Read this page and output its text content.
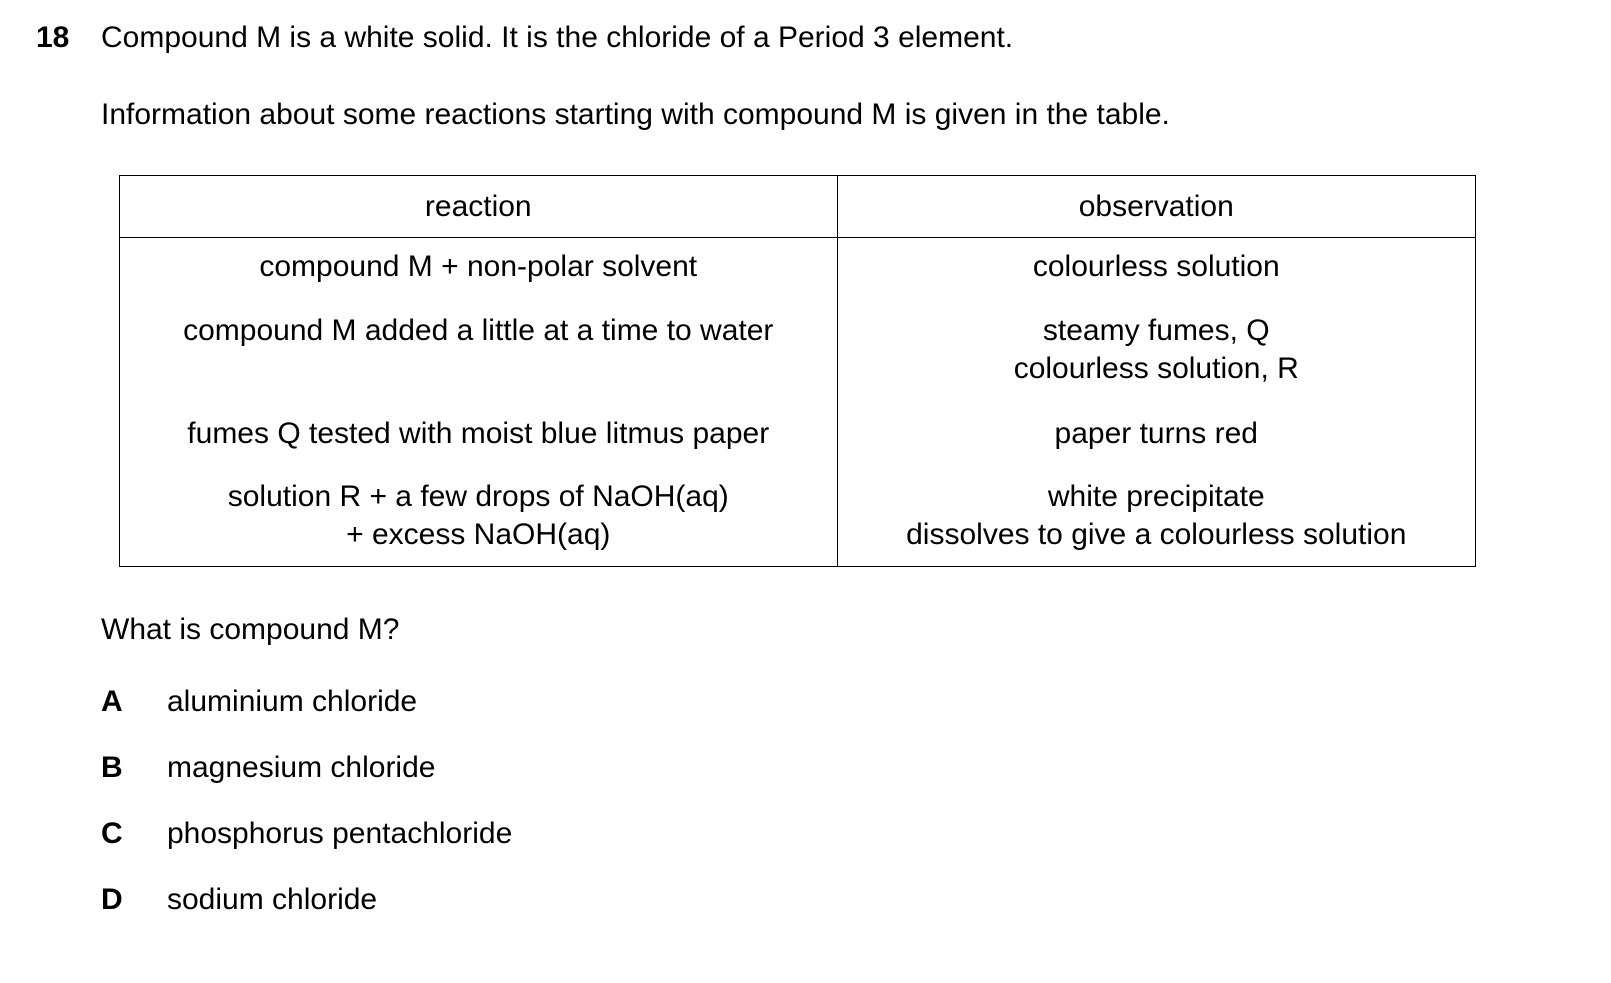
18 Compound M is a white solid. It is the chloride of a Period 3 element.
Information about some reactions starting with compound M is given in the table.
reaction	observation

compound M + non-polar solvent	colourless solution

compound M added a little at a time to water	steamy fumes, Q
colourless solution, R

fumes Q tested with moist blue litmus paper	paper turns red

solution R + a few drops of NaOH(aq)
+ excess NaOH(aq)	white precipitate
dissolves to give a colourless solution
What is compound M?
A aluminium chloride
B magnesium chloride
C phosphorus pentachloride
D sodium chloride
